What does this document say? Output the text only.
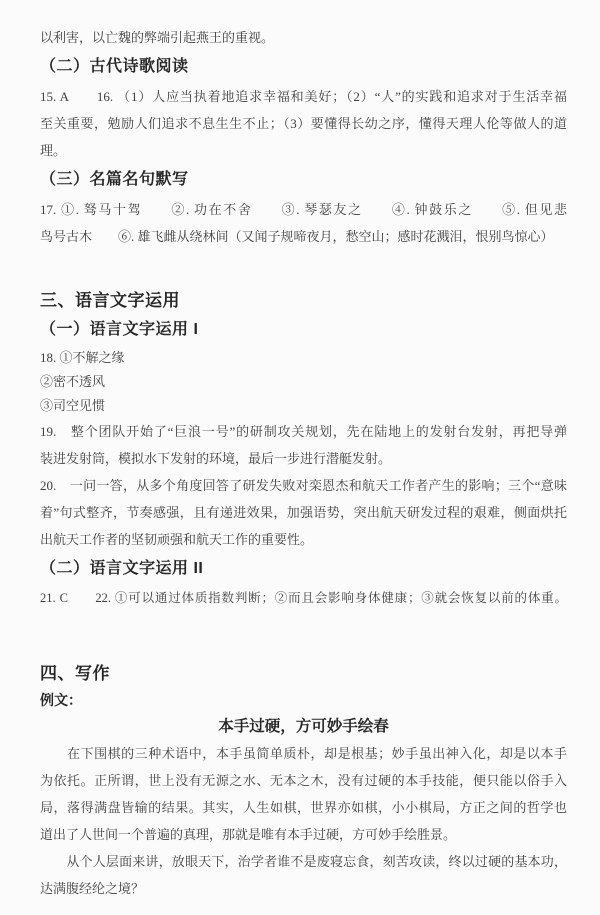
以利害，以亡魏的弊端引起燕王的重视。
（二）古代诗歌阅读
15. A　　16. （1）人应当执着地追求幸福和美好；（2）“人”的实践和追求对于生活幸福
至关重要，勉励人们追求不息生生不止；（3）要懂得长幼之序，懂得天理人伦等做人的道
理。
（三）名篇名句默写
17. ①. 驽马十驾　　②. 功在不舍　　③. 琴瑟友之　　④. 钟鼓乐之　　⑤. 但见悲
鸟号古木　　⑥. 雄飞雌从绕林间（又闻子规啼夜月，愁空山；感时花溅泪，恨别鸟惊心）
三、语言文字运用
（一）语言文字运用 I
18. ①不解之缘
②密不透风
③司空见惯
19.　整个团队开始了“巨浪一号”的研制攻关规划，先在陆地上的发射台发射，再把导弹
装进发射筒，模拟水下发射的环境，最后一步进行潜艇发射。
20.　一问一答，从多个角度回答了研发失败对栾恩杰和航天工作者产生的影响；三个“意味
着”句式整齐，节奏感强，且有递进效果，加强语势，突出航天研发过程的艰难，侧面烘托
出航天工作者的坚韧顽强和航天工作的重要性。
（二）语言文字运用 II
21. C　　22. ①可以通过体质指数判断；②而且会影响身体健康；③就会恢复以前的体重。
四、写作
例文：
本手过硬，方可妙手绘春
　　在下围棋的三种术语中，本手虽简单质朴，却是根基；妙手虽出神入化，却是以本手
为依托。正所谓，世上没有无源之水、无本之木，没有过硬的本手技能，便只能以俗手入
局，落得满盘皆输的结果。其实，人生如棋，世界亦如棋，小小棋局，方正之间的哲学也
道出了人世间一个普遍的真理，那就是唯有本手过硬，方可妙手绘胜景。
　　从个人层面来讲，放眼天下，治学者谁不是废寝忘食，刻苦攻读，终以过硬的基本功，
达满腹经纶之境？
